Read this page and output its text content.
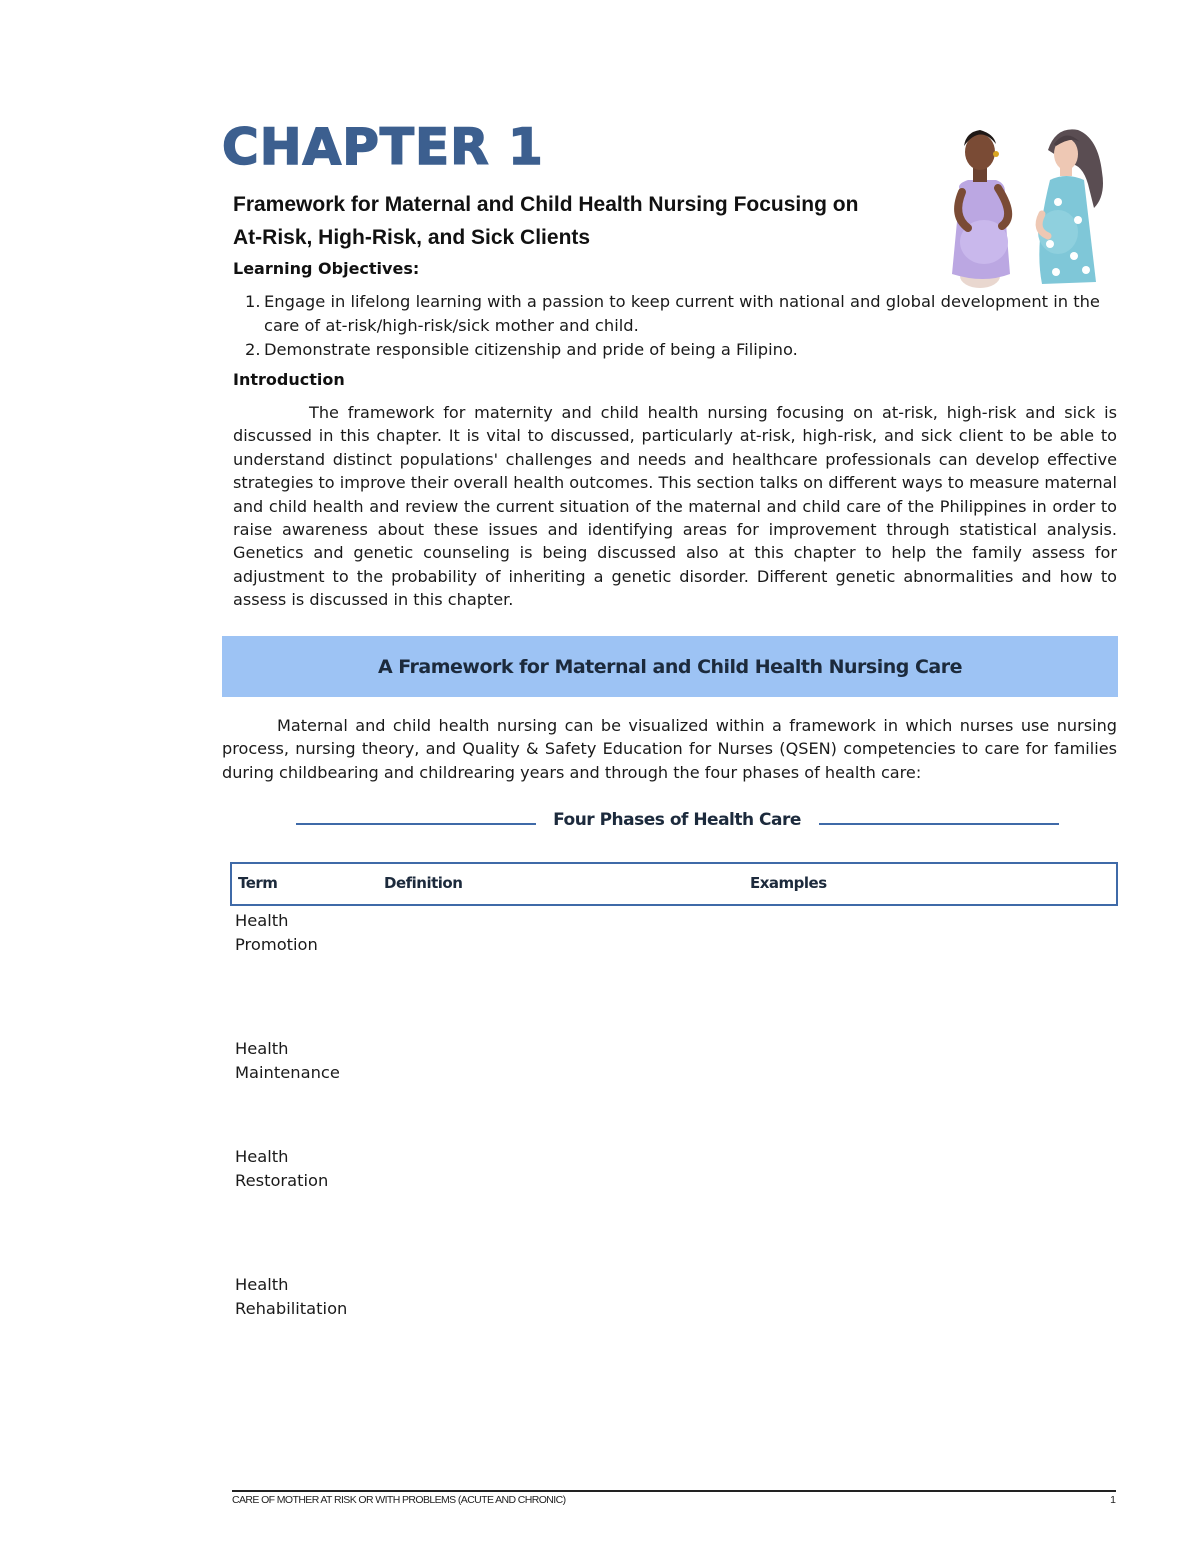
CHAPTER 1
Framework for Maternal and Child Health Nursing Focusing on
At-Risk, High-Risk, and Sick Clients
Learning Objectives:
1. Engage in lifelong learning with a passion to keep current with national and global development in the care of at-risk/high-risk/sick mother and child.
2. Demonstrate responsible citizenship and pride of being a Filipino.
Introduction

The framework for maternity and child health nursing focusing on at-risk, high-risk and sick is discussed in this chapter. It is vital to discussed, particularly at-risk, high-risk, and sick client to be able to understand distinct populations' challenges and needs and healthcare professionals can develop effective strategies to improve their overall health outcomes. This section talks on different ways to measure maternal and child health and review the current situation of the maternal and child care of the Philippines in order to raise awareness about these issues and identifying areas for improvement through statistical analysis. Genetics and genetic counseling is being discussed also at this chapter to help the family assess for adjustment to the probability of inheriting a genetic disorder. Different genetic abnormalities and how to assess is discussed in this chapter.

A Framework for Maternal and Child Health Nursing Care

Maternal and child health nursing can be visualized within a framework in which nurses use nursing process, nursing theory, and Quality & Safety Education for Nurses (QSEN) competencies to care for families during childbearing and childrearing years and through the four phases of health care:

Four Phases of Health Care

Term	Definition	Examples

Health
Promotion

Health
Maintenance

Health
Restoration

Health
Rehabilitation

CARE OF MOTHER AT RISK OR WITH PROBLEMS (ACUTE AND CHRONIC)	1
